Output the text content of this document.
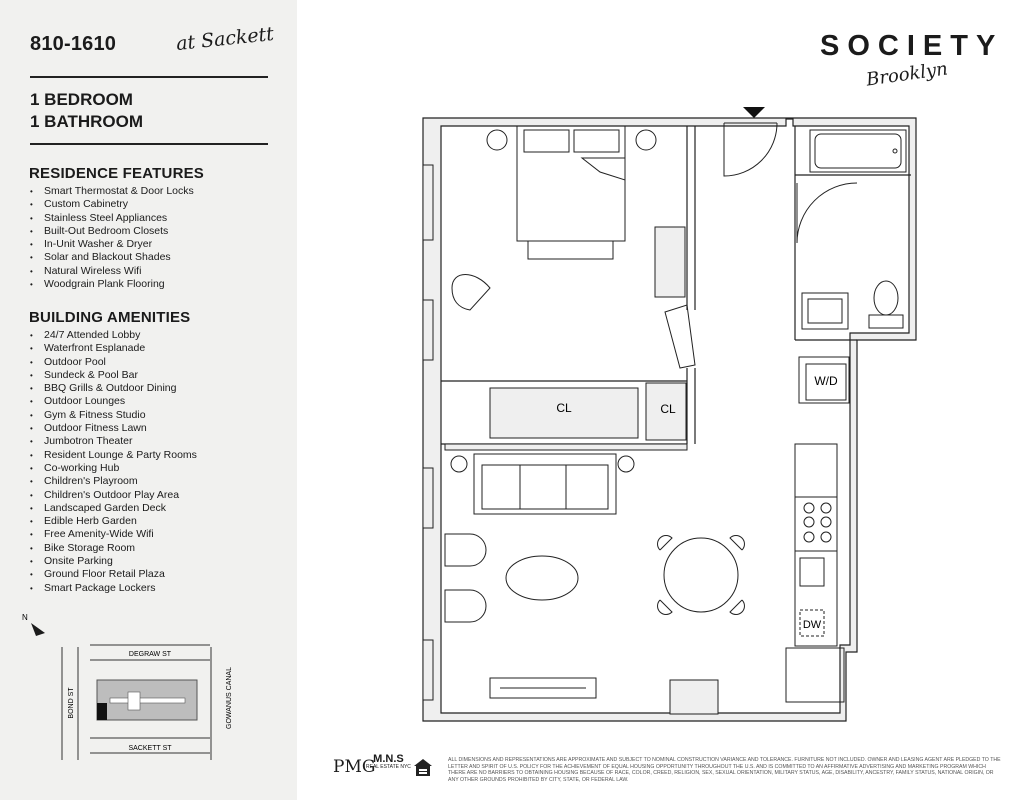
810-1610	at Sackett
1 BEDROOM
1 BATHROOM
RESIDENCE FEATURES
• Smart Thermostat & Door Locks
• Custom Cabinetry
• Stainless Steel Appliances
• Built-Out Bedroom Closets
• In-Unit Washer & Dryer
• Solar and Blackout Shades
• Natural Wireless Wifi
• Woodgrain Plank Flooring
BUILDING AMENITIES
• 24/7 Attended Lobby
• Waterfront Esplanade
• Outdoor Pool
• Sundeck & Pool Bar
• BBQ Grills & Outdoor Dining
• Outdoor Lounges
• Gym & Fitness Studio
• Outdoor Fitness Lawn
• Jumbotron Theater
• Resident Lounge & Party Rooms
• Co-working Hub
• Children's Playroom
• Children's Outdoor Play Area
• Landscaped Garden Deck
• Edible Herb Garden
• Free Amenity-Wide Wifi
• Bike Storage Room
• Onsite Parking
• Ground Floor Retail Plaza
• Smart Package Lockers
N
DEGRAW ST
SACKETT ST
BOND ST	GOWANUS CANAL
SOCIETY
Brooklyn
CL	CL
W/D
DW
PMG
M.N.S
REAL ESTATE NYC
ALL DIMENSIONS AND REPRESENTATIONS ARE APPROXIMATE AND SUBJECT TO NOMINAL CONSTRUCTION VARIANCE AND TOLERANCE. FURNITURE NOT INCLUDED. OWNER AND LEASING AGENT ARE PLEDGED TO THE LETTER AND SPIRIT OF U.S. POLICY FOR THE ACHIEVEMENT OF EQUAL HOUSING OPPORTUNITY THROUGHOUT THE U.S. AND IS COMMITTED TO AN AFFIRMATIVE ADVERTISING AND MARKETING PROGRAM WHICH THERE ARE NO BARRIERS TO OBTAINING HOUSING BECAUSE OF RACE, COLOR, CREED, RELIGION, SEX, SEXUAL ORIENTATION, MILITARY STATUS, AGE, DISABILITY, ANCESTRY, FAMILY STATUS, NATIONAL ORIGIN, OR ANY OTHER GROUNDS PROHIBITED BY CITY, STATE, OR FEDERAL LAW.
